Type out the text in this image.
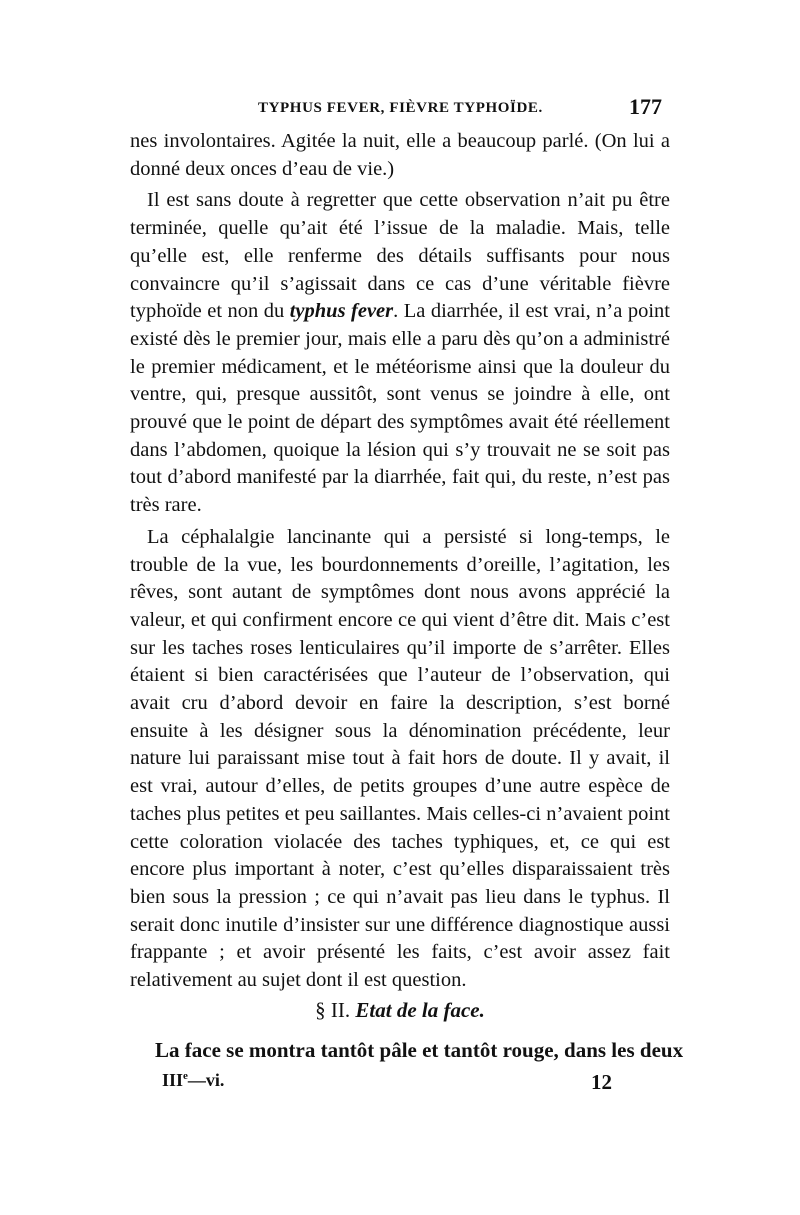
TYPHUS FEVER, FIÈVRE TYPHOÏDE.	177

nes involontaires. Agitée la nuit, elle a beaucoup parlé. (On lui a donné deux onces d’eau de vie.)

Il est sans doute à regretter que cette observation n’ait pu être terminée, quelle qu’ait été l’issue de la maladie. Mais, telle qu’elle est, elle renferme des détails suffisants pour nous convaincre qu’il s’agissait dans ce cas d’une véritable fièvre typhoïde et non du typhus fever. La diarrhée, il est vrai, n’a point existé dès le premier jour, mais elle a paru dès qu’on a administré le premier médicament, et le météorisme ainsi que la douleur du ventre, qui, presque aussitôt, sont venus se joindre à elle, ont prouvé que le point de départ des symptômes avait été réellement dans l’abdomen, quoique la lésion qui s’y trouvait ne se soit pas tout d’abord manifesté par la diarrhée, fait qui, du reste, n’est pas très rare.

La céphalalgie lancinante qui a persisté si long-temps, le trouble de la vue, les bourdonnements d’oreille, l’agitation, les rêves, sont autant de symptômes dont nous avons apprécié la valeur, et qui confirment encore ce qui vient d’être dit. Mais c’est sur les taches roses lenticulaires qu’il importe de s’arrêter. Elles étaient si bien caractérisées que l’auteur de l’observation, qui avait cru d’abord devoir en faire la description, s’est borné ensuite à les désigner sous la dénomination précédente, leur nature lui paraissant mise tout à fait hors de doute. Il y avait, il est vrai, autour d’elles, de petits groupes d’une autre espèce de taches plus petites et peu saillantes. Mais celles-ci n’avaient point cette coloration violacée des taches typhiques, et, ce qui est encore plus important à noter, c’est qu’elles disparaissaient très bien sous la pression ; ce qui n’avait pas lieu dans le typhus. Il serait donc inutile d’insister sur une différence diagnostique aussi frappante ; et avoir présenté les faits, c’est avoir assez fait relativement au sujet dont il est question.

§ II. Etat de la face.
La face se montra tantôt pâle et tantôt rouge, dans les deux
IIIe—vi.	12
